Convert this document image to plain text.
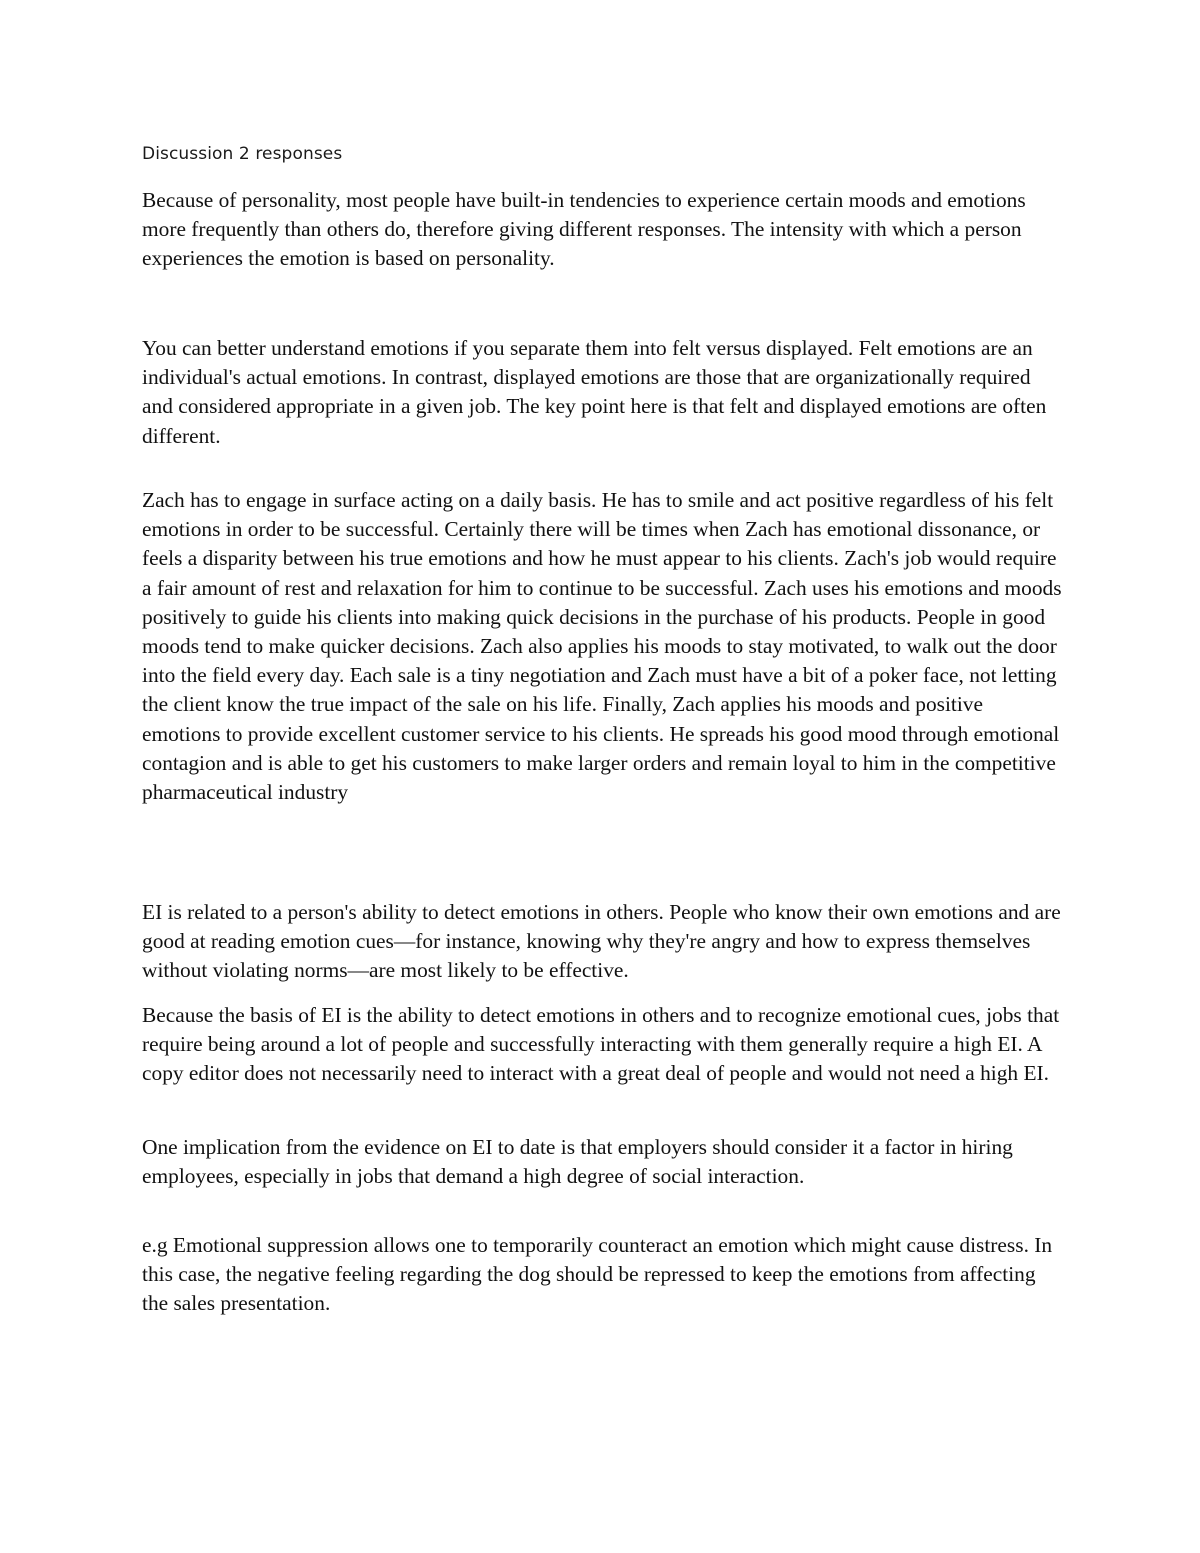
Discussion 2 responses

Because of personality, most people have built-in tendencies to experience certain moods and emotions more frequently than others do, therefore giving different responses. The intensity with which a person experiences the emotion is based on personality.

You can better understand emotions if you separate them into felt versus displayed. Felt emotions are an individual's actual emotions. In contrast, displayed emotions are those that are organizationally required and considered appropriate in a given job. The key point here is that felt and displayed emotions are often different.

Zach has to engage in surface acting on a daily basis. He has to smile and act positive regardless of his felt emotions in order to be successful. Certainly there will be times when Zach has emotional dissonance, or feels a disparity between his true emotions and how he must appear to his clients. Zach's job would require a fair amount of rest and relaxation for him to continue to be successful. Zach uses his emotions and moods positively to guide his clients into making quick decisions in the purchase of his products. People in good moods tend to make quicker decisions. Zach also applies his moods to stay motivated, to walk out the door into the field every day. Each sale is a tiny negotiation and Zach must have a bit of a poker face, not letting the client know the true impact of the sale on his life. Finally, Zach applies his moods and positive emotions to provide excellent customer service to his clients. He spreads his good mood through emotional contagion and is able to get his customers to make larger orders and remain loyal to him in the competitive pharmaceutical industry

EI is related to a person's ability to detect emotions in others. People who know their own emotions and are good at reading emotion cues—for instance, knowing why they're angry and how to express themselves without violating norms—are most likely to be effective.

Because the basis of EI is the ability to detect emotions in others and to recognize emotional cues, jobs that require being around a lot of people and successfully interacting with them generally require a high EI. A copy editor does not necessarily need to interact with a great deal of people and would not need a high EI.

One implication from the evidence on EI to date is that employers should consider it a factor in hiring employees, especially in jobs that demand a high degree of social interaction.

e.g Emotional suppression allows one to temporarily counteract an emotion which might cause distress. In this case, the negative feeling regarding the dog should be repressed to keep the emotions from affecting the sales presentation.
